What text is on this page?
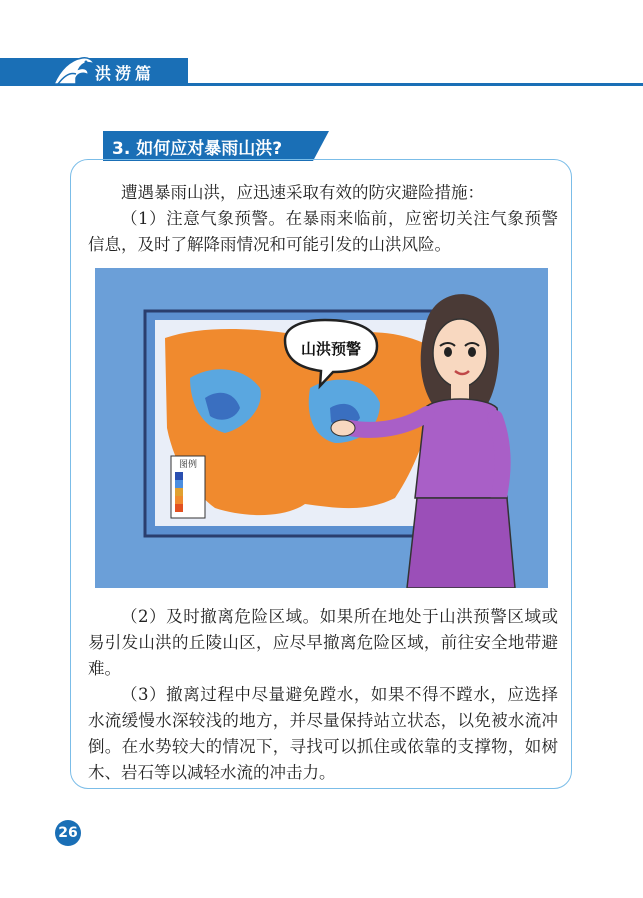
洪涝篇
3. 如何应对暴雨山洪?

遭遇暴雨山洪，应迅速采取有效的防灾避险措施：

（1）注意气象预警。在暴雨来临前，应密切关注气象预警信息，及时了解降雨情况和可能引发的山洪风险。

图例
山洪预警

（2）及时撤离危险区域。如果所在地处于山洪预警区域或易引发山洪的丘陵山区，应尽早撤离危险区域，前往安全地带避难。

（3）撤离过程中尽量避免蹚水，如果不得不蹚水，应选择水流缓慢水深较浅的地方，并尽量保持站立状态，以免被水流冲倒。在水势较大的情况下，寻找可以抓住或依靠的支撑物，如树木、岩石等以减轻水流的冲击力。

26
